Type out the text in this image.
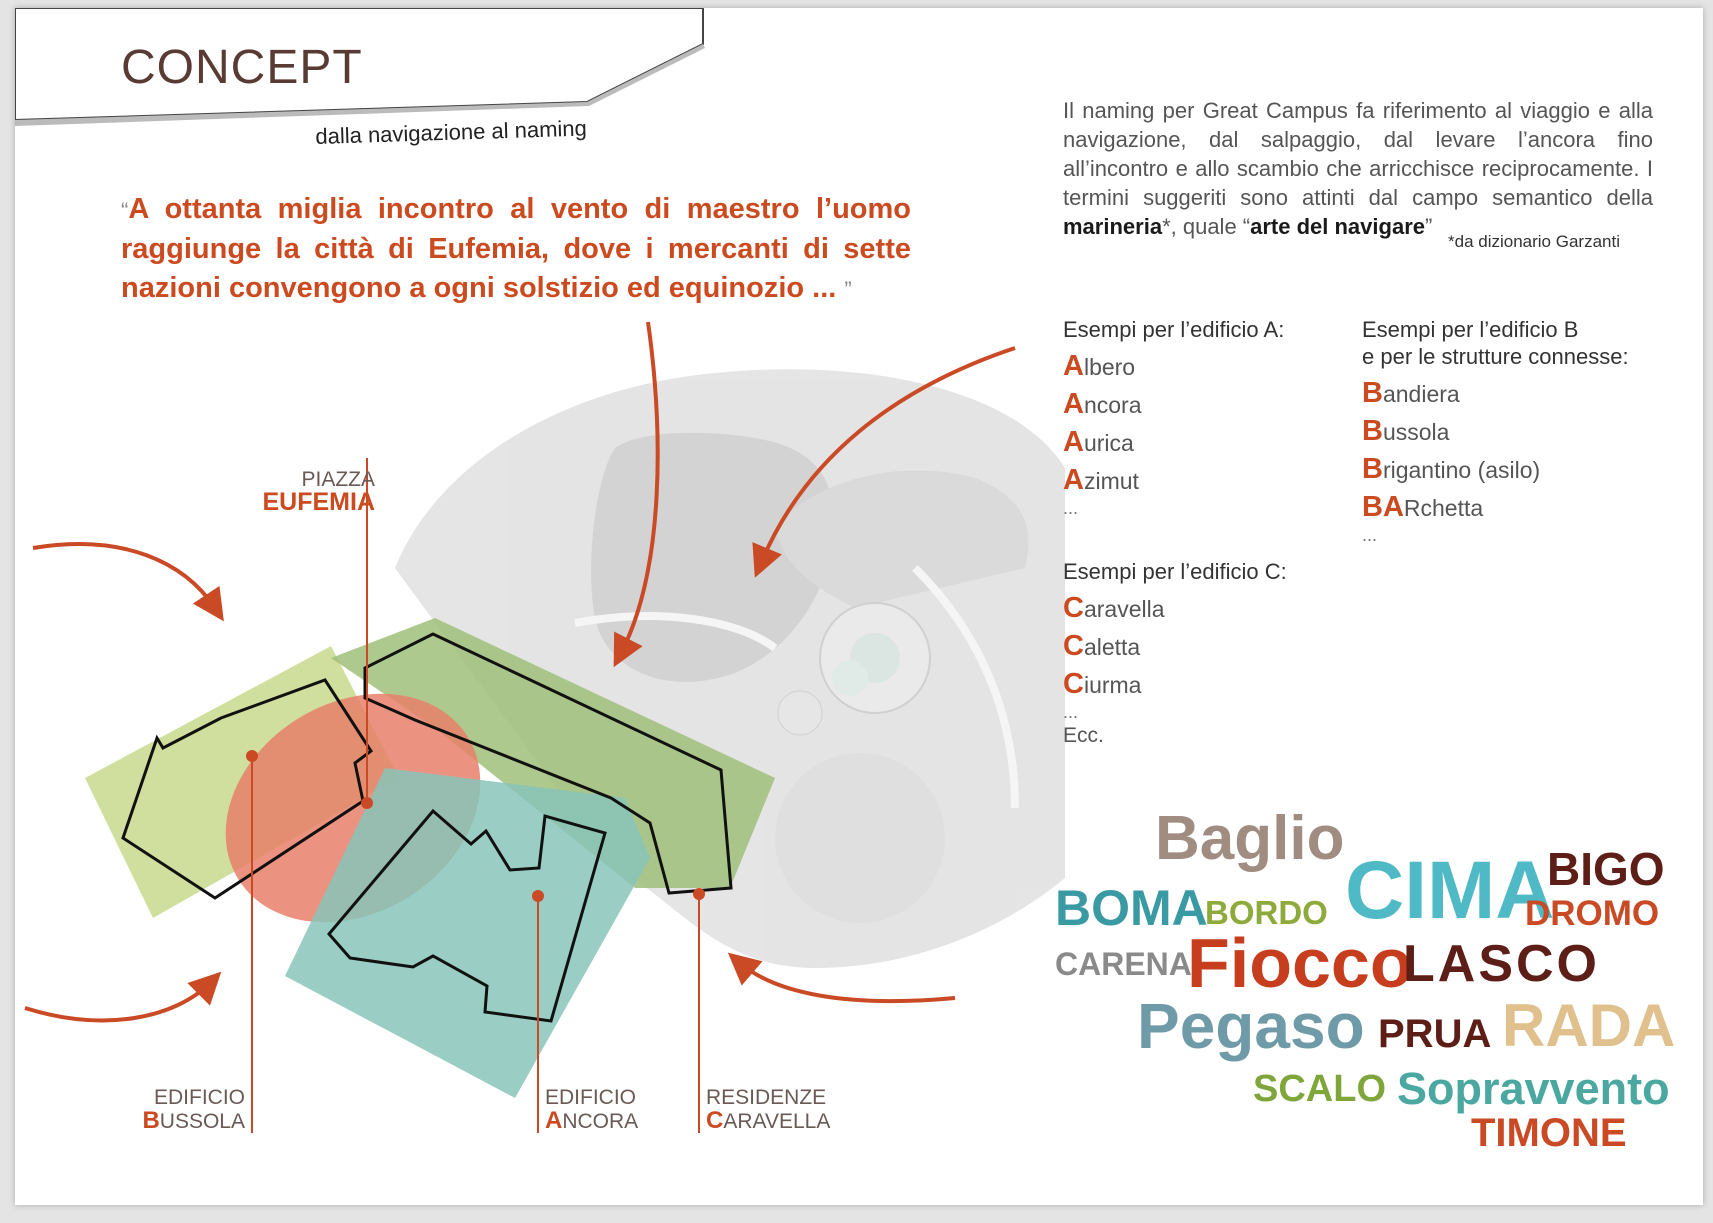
CONCEPT
dalla navigazione al naming
“A ottanta miglia incontro al vento di maestro l’uomo raggiunge la città di Eufemia, dove i mercanti di sette nazioni convengono a ogni solstizio ed equinozio ... ”
Il naming per Great Campus fa riferimento al viaggio e alla navigazione, dal salpaggio, dal levare l’ancora fino all’incontro e allo scambio che arricchisce reciprocamente. I termini suggeriti sono attinti dal campo semantico della marineria*, quale “arte del navigare”
*da dizionario Garzanti
Esempi per l’edificio A:
Albero
Ancora
Aurica
Azimut
...
Esempi per l’edificio B
e per le strutture connesse:
Bandiera
Bussola
Brigantino (asilo)
BARchetta
...
Esempi per l’edificio C:
Caravella
Caletta
Ciurma
...
Ecc.
PIAZZA
EUFEMIA
EDIFICIO
BUSSOLA
EDIFICIO
ANCORA
RESIDENZE
CARAVELLA
Baglio	BIGO
BOMA
BORDO CIMA
DROMO
CARENA
Fiocco
LASCO
Pegaso PRUA RADA
SCALO Sopravvento
TIMONE
